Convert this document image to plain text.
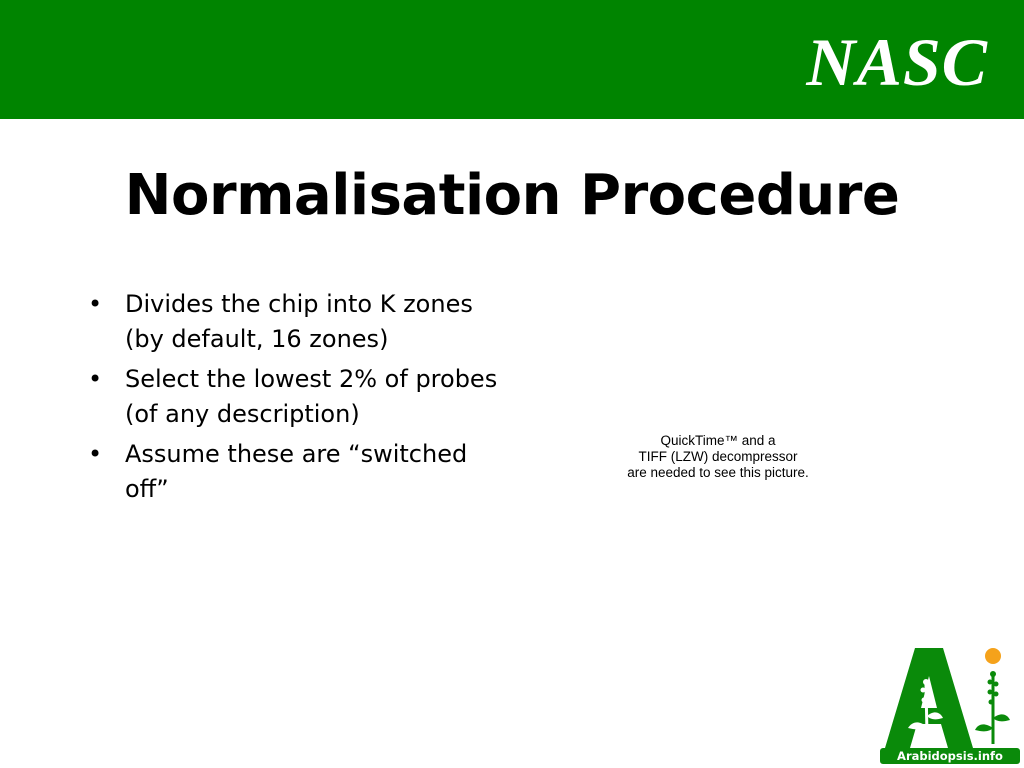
NASC
Normalisation Procedure
• Divides the chip into K zones (by default, 16 zones)
• Select the lowest 2% of probes (of any description)
• Assume these are “switched off”
QuickTime™ and a
TIFF (LZW) decompressor
are needed to see this picture.
Arabidopsis.info
